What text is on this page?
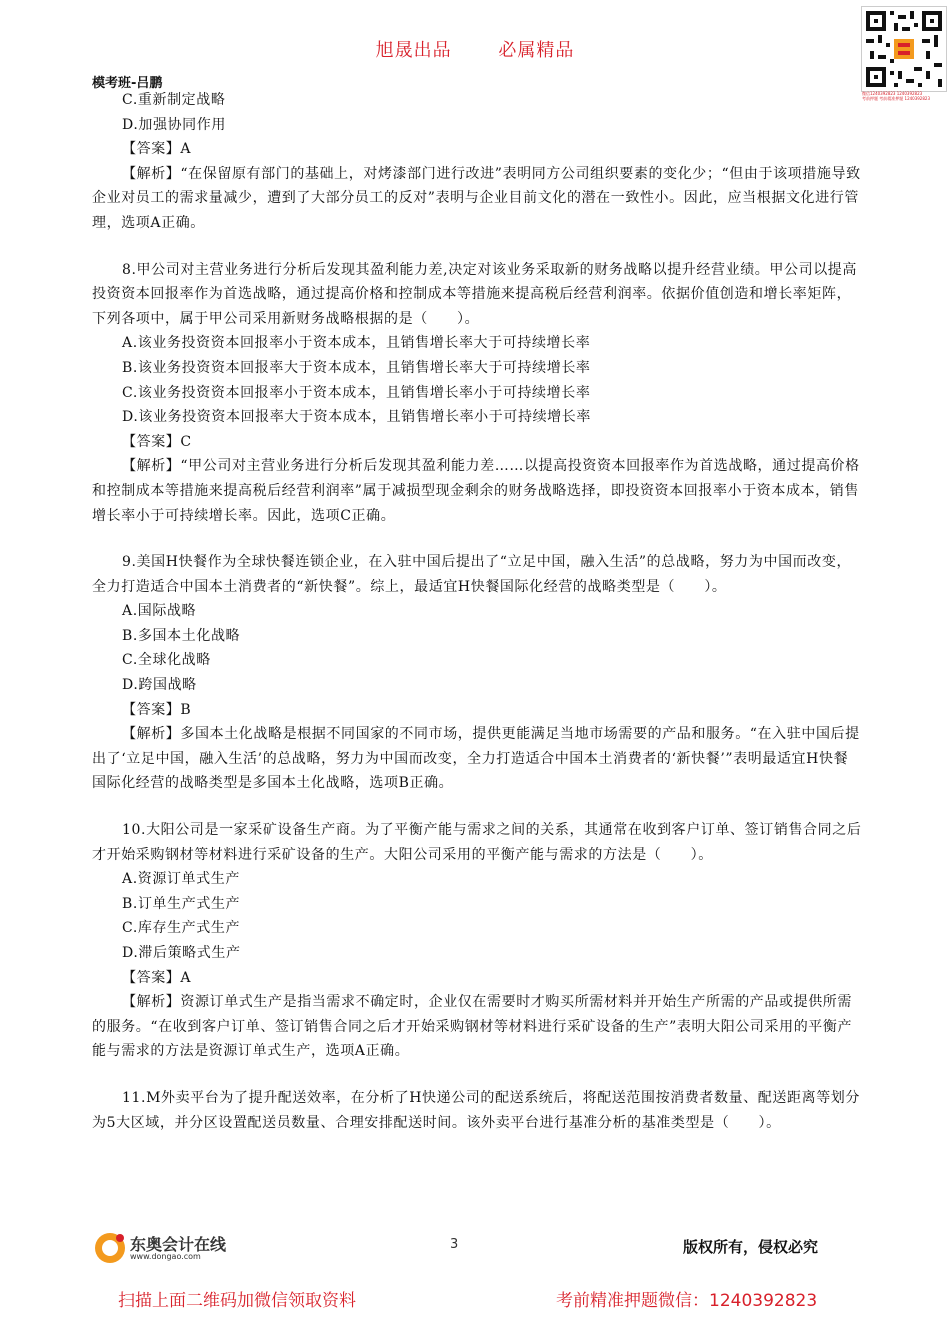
旭晟出品	必属精品
模考班-吕鹏
微信1240392823 1240392823
考前押题 考前精准押题 1240392823

C.重新制定战略

D.加强协同作用

【答案】A

【解析】“在保留原有部门的基础上，对烤漆部门进行改进”表明同方公司组织要素的变化少；“但由于该项措施导致企业对员工的需求量减少，遭到了大部分员工的反对”表明与企业目前文化的潜在一致性小。因此，应当根据文化进行管理，选项A正确。

8.甲公司对主营业务进行分析后发现其盈利能力差,决定对该业务采取新的财务战略以提升经营业绩。甲公司以提高投资资本回报率作为首选战略，通过提高价格和控制成本等措施来提高税后经营利润率。依据价值创造和增长率矩阵，下列各项中，属于甲公司采用新财务战略根据的是（　　）。

A.该业务投资资本回报率小于资本成本，且销售增长率大于可持续增长率

B.该业务投资资本回报率大于资本成本，且销售增长率大于可持续增长率

C.该业务投资资本回报率小于资本成本，且销售增长率小于可持续增长率

D.该业务投资资本回报率大于资本成本，且销售增长率小于可持续增长率

【答案】C

【解析】“甲公司对主营业务进行分析后发现其盈利能力差……以提高投资资本回报率作为首选战略，通过提高价格和控制成本等措施来提高税后经营利润率”属于减损型现金剩余的财务战略选择，即投资资本回报率小于资本成本，销售增长率小于可持续增长率。因此，选项C正确。

9.美国H快餐作为全球快餐连锁企业，在入驻中国后提出了“立足中国，融入生活”的总战略，努力为中国而改变，全力打造适合中国本土消费者的“新快餐”。综上，最适宜H快餐国际化经营的战略类型是（　　）。

A.国际战略

B.多国本土化战略

C.全球化战略

D.跨国战略

【答案】B

【解析】多国本土化战略是根据不同国家的不同市场，提供更能满足当地市场需要的产品和服务。“在入驻中国后提出了‘立足中国，融入生活’的总战略，努力为中国而改变，全力打造适合中国本土消费者的‘新快餐’”表明最适宜H快餐国际化经营的战略类型是多国本土化战略，选项B正确。

10.大阳公司是一家采矿设备生产商。为了平衡产能与需求之间的关系，其通常在收到客户订单、签订销售合同之后才开始采购钢材等材料进行采矿设备的生产。大阳公司采用的平衡产能与需求的方法是（　　）。

A.资源订单式生产

B.订单生产式生产

C.库存生产式生产

D.滞后策略式生产

【答案】A

【解析】资源订单式生产是指当需求不确定时，企业仅在需要时才购买所需材料并开始生产所需的产品或提供所需的服务。“在收到客户订单、签订销售合同之后才开始采购钢材等材料进行采矿设备的生产”表明大阳公司采用的平衡产能与需求的方法是资源订单式生产，选项A正确。

11.M外卖平台为了提升配送效率，在分析了H快递公司的配送系统后，将配送范围按消费者数量、配送距离等划分为5大区域，并分区设置配送员数量、合理安排配送时间。该外卖平台进行基准分析的基准类型是（　　）。

东奥会计在线
www.dongao.com
3	版权所有，侵权必究
扫描上面二维码加微信领取资料	考前精准押题微信：1240392823
